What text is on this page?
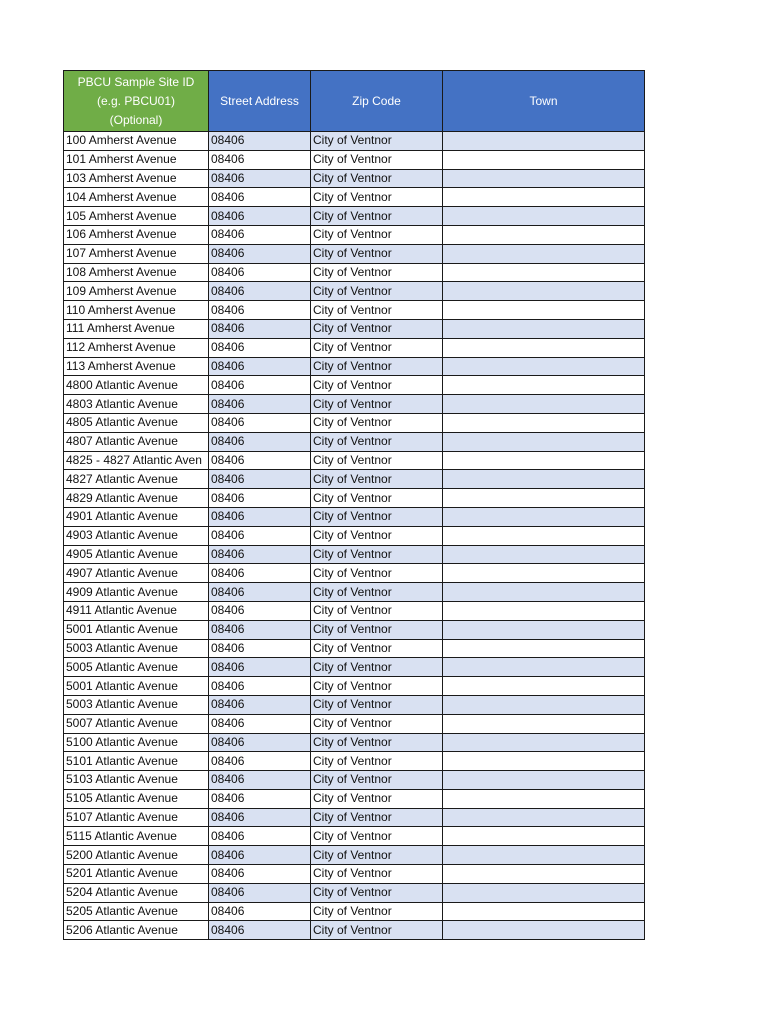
PBCU Sample Site ID
(e.g. PBCU01)
(Optional)	Street Address	Zip Code	Town
100 Amherst Avenue	08406	City of Ventnor	
101 Amherst Avenue	08406	City of Ventnor	
103 Amherst Avenue	08406	City of Ventnor	
104 Amherst Avenue	08406	City of Ventnor	
105 Amherst Avenue	08406	City of Ventnor	
106 Amherst Avenue	08406	City of Ventnor	
107 Amherst Avenue	08406	City of Ventnor	
108 Amherst Avenue	08406	City of Ventnor	
109 Amherst Avenue	08406	City of Ventnor	
110 Amherst Avenue	08406	City of Ventnor	
111 Amherst Avenue	08406	City of Ventnor	
112 Amherst Avenue	08406	City of Ventnor	
113 Amherst Avenue	08406	City of Ventnor	
4800 Atlantic Avenue	08406	City of Ventnor	
4803 Atlantic Avenue	08406	City of Ventnor	
4805 Atlantic Avenue	08406	City of Ventnor	
4807 Atlantic Avenue	08406	City of Ventnor	
4825 - 4827 Atlantic Aven	08406	City of Ventnor	
4827 Atlantic Avenue	08406	City of Ventnor	
4829 Atlantic Avenue	08406	City of Ventnor	
4901 Atlantic Avenue	08406	City of Ventnor	
4903 Atlantic Avenue	08406	City of Ventnor	
4905 Atlantic Avenue	08406	City of Ventnor	
4907 Atlantic Avenue	08406	City of Ventnor	
4909 Atlantic Avenue	08406	City of Ventnor	
4911 Atlantic Avenue	08406	City of Ventnor	
5001 Atlantic Avenue	08406	City of Ventnor	
5003 Atlantic Avenue	08406	City of Ventnor	
5005 Atlantic Avenue	08406	City of Ventnor	
5001 Atlantic Avenue	08406	City of Ventnor	
5003 Atlantic Avenue	08406	City of Ventnor	
5007 Atlantic Avenue	08406	City of Ventnor	
5100 Atlantic Avenue	08406	City of Ventnor	
5101 Atlantic Avenue	08406	City of Ventnor	
5103 Atlantic Avenue	08406	City of Ventnor	
5105 Atlantic Avenue	08406	City of Ventnor	
5107 Atlantic Avenue	08406	City of Ventnor	
5115 Atlantic Avenue	08406	City of Ventnor	
5200 Atlantic Avenue	08406	City of Ventnor	
5201 Atlantic Avenue	08406	City of Ventnor	
5204 Atlantic Avenue	08406	City of Ventnor	
5205 Atlantic Avenue	08406	City of Ventnor	
5206 Atlantic Avenue	08406	City of Ventnor	
